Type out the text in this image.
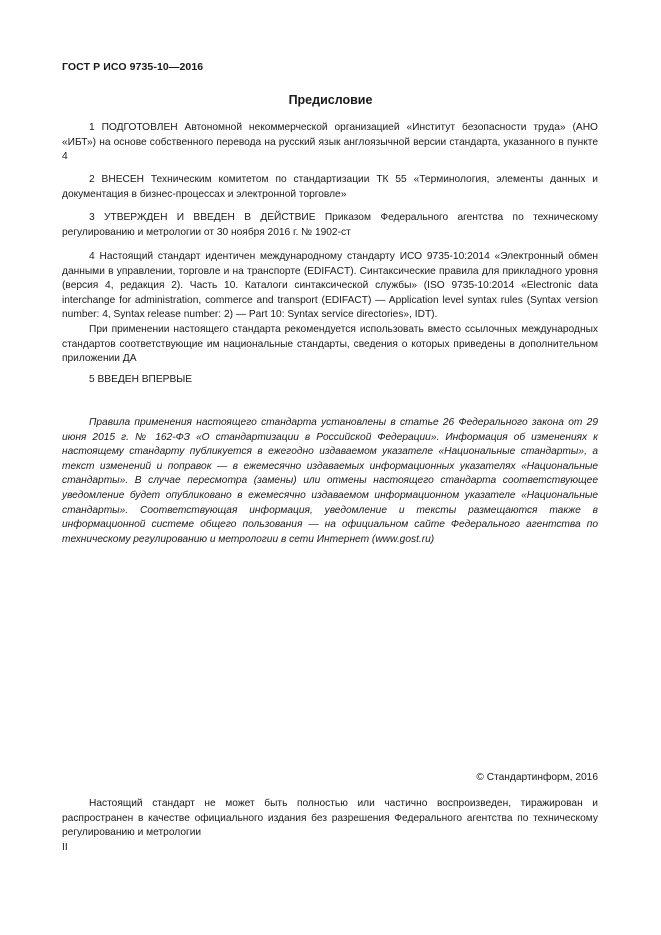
ГОСТ Р ИСО 9735-10—2016
Предисловие

1 ПОДГОТОВЛЕН Автономной некоммерческой организацией «Институт безопасности труда» (АНО «ИБТ») на основе собственного перевода на русский язык англоязычной версии стандарта, указанного в пункте 4

2 ВНЕСЕН Техническим комитетом по стандартизации ТК 55 «Терминология, элементы данных и документация в бизнес-процессах и электронной торговле»

3 УТВЕРЖДЕН И ВВЕДЕН В ДЕЙСТВИЕ Приказом Федерального агентства по техническому регулированию и метрологии от 30 ноября 2016 г. № 1902-ст

4 Настоящий стандарт идентичен международному стандарту ИСО 9735-10:2014 «Электронный обмен данными в управлении, торговле и на транспорте (EDIFACT). Синтаксические правила для прикладного уровня (версия 4, редакция 2). Часть 10. Каталоги синтаксической службы» (ISO 9735-10:2014 «Electronic data interchange for administration, commerce and transport (EDIFACT) — Application level syntax rules (Syntax version number: 4, Syntax release number: 2) — Part 10: Syntax service directories», IDT).

При применении настоящего стандарта рекомендуется использовать вместо ссылочных международных стандартов соответствующие им национальные стандарты, сведения о которых приведены в дополнительном приложении ДА

5 ВВЕДЕН ВПЕРВЫЕ

Правила применения настоящего стандарта установлены в статье 26 Федерального закона от 29 июня 2015 г. № 162-ФЗ «О стандартизации в Российской Федерации». Информация об изменениях к настоящему стандарту публикуется в ежегодно издаваемом указателе «Национальные стандарты», а текст изменений и поправок — в ежемесячно издаваемых информационных указателях «Национальные стандарты». В случае пересмотра (замены) или отмены настоящего стандарта соответствующее уведомление будет опубликовано в ежемесячно издаваемом информационном указателе «Национальные стандарты». Соответствующая информация, уведомление и тексты размещаются также в информационной системе общего пользования — на официальном сайте Федерального агентства по техническому регулированию и метрологии в сети Интернет (www.gost.ru)

© Стандартинформ, 2016

Настоящий стандарт не может быть полностью или частично воспроизведен, тиражирован и распространен в качестве официального издания без разрешения Федерального агентства по техническому регулированию и метрологии

II
